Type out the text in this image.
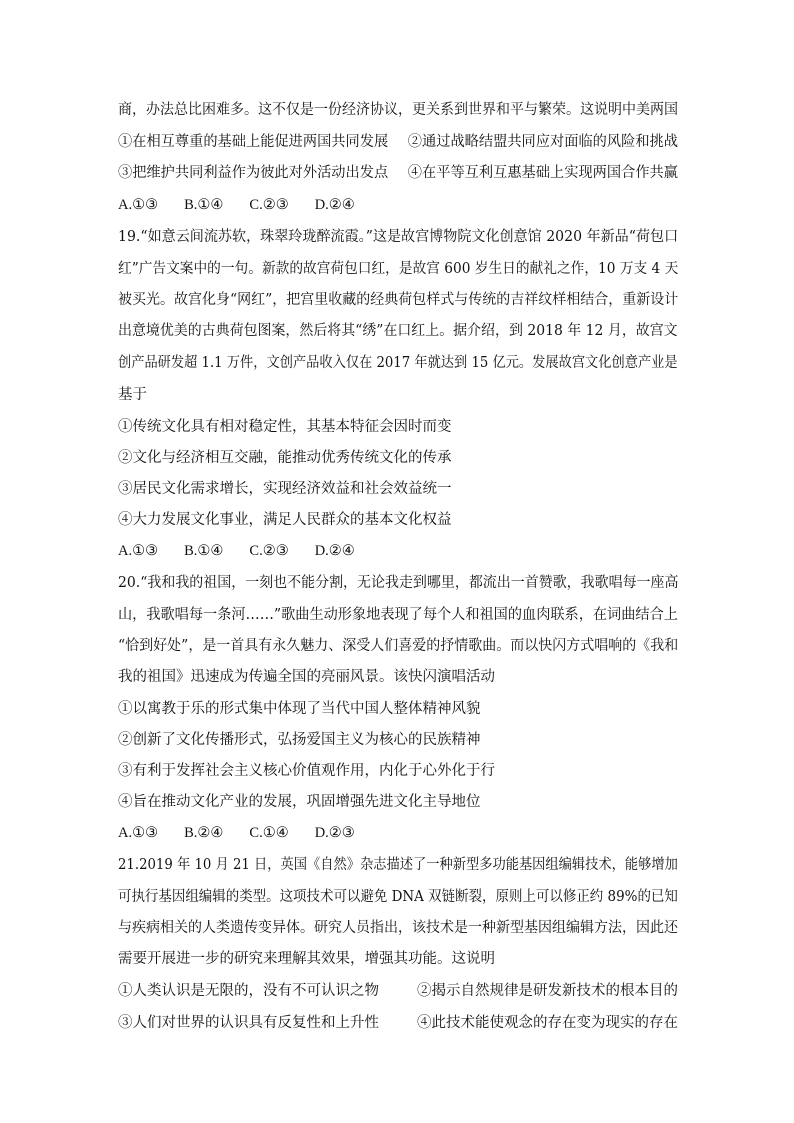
商，办法总比困难多。这不仅是一份经济协议，更关系到世界和平与繁荣。这说明中美两国
①在相互尊重的基础上能促进两国共同发展 ②通过战略结盟共同应对面临的风险和挑战
③把维护共同利益作为彼此对外活动出发点 ④在平等互利互惠基础上实现两国合作共赢
A.①③ B.①④ C.②③ D.②④
19.“如意云间流苏软，珠翠玲珑醉流霞。”这是故宫博物院文化创意馆 2020 年新品“荷包口
红”广告文案中的一句。新款的故宫荷包口红，是故宫 600 岁生日的献礼之作，10 万支 4 天
被买光。故宫化身“网红”，把宫里收藏的经典荷包样式与传统的吉祥纹样相结合，重新设计
出意境优美的古典荷包图案，然后将其“绣”在口红上。据介绍，到 2018 年 12 月，故宫文
创产品研发超 1.1 万件，文创产品收入仅在 2017 年就达到 15 亿元。发展故宫文化创意产业是
基于
①传统文化具有相对稳定性，其基本特征会因时而变
②文化与经济相互交融，能推动优秀传统文化的传承
③居民文化需求增长，实现经济效益和社会效益统一
④大力发展文化事业，满足人民群众的基本文化权益
A.①③ B.①④ C.②③ D.②④
20.“我和我的祖国，一刻也不能分割，无论我走到哪里，都流出一首赞歌，我歌唱每一座高
山，我歌唱每一条河……”歌曲生动形象地表现了每个人和祖国的血肉联系，在词曲结合上
“恰到好处”，是一首具有永久魅力、深受人们喜爱的抒情歌曲。而以快闪方式唱响的《我和
我的祖国》迅速成为传遍全国的亮丽风景。该快闪演唱活动
①以寓教于乐的形式集中体现了当代中国人整体精神风貌
②创新了文化传播形式，弘扬爱国主义为核心的民族精神
③有利于发挥社会主义核心价值观作用，内化于心外化于行
④旨在推动文化产业的发展，巩固增强先进文化主导地位
A.①③ B.②④ C.①④ D.②③
21.2019 年 10 月 21 日，英国《自然》杂志描述了一种新型多功能基因组编辑技术，能够增加
可执行基因组编辑的类型。这项技术可以避免 DNA 双链断裂，原则上可以修正约 89%的已知
与疾病相关的人类遗传变异体。研究人员指出，该技术是一种新型基因组编辑方法，因此还
需要开展进一步的研究来理解其效果，增强其功能。这说明
①人类认识是无限的，没有不可认识之物	②揭示自然规律是研发新技术的根本目的
③人们对世界的认识具有反复性和上升性	④此技术能使观念的存在变为现实的存在
